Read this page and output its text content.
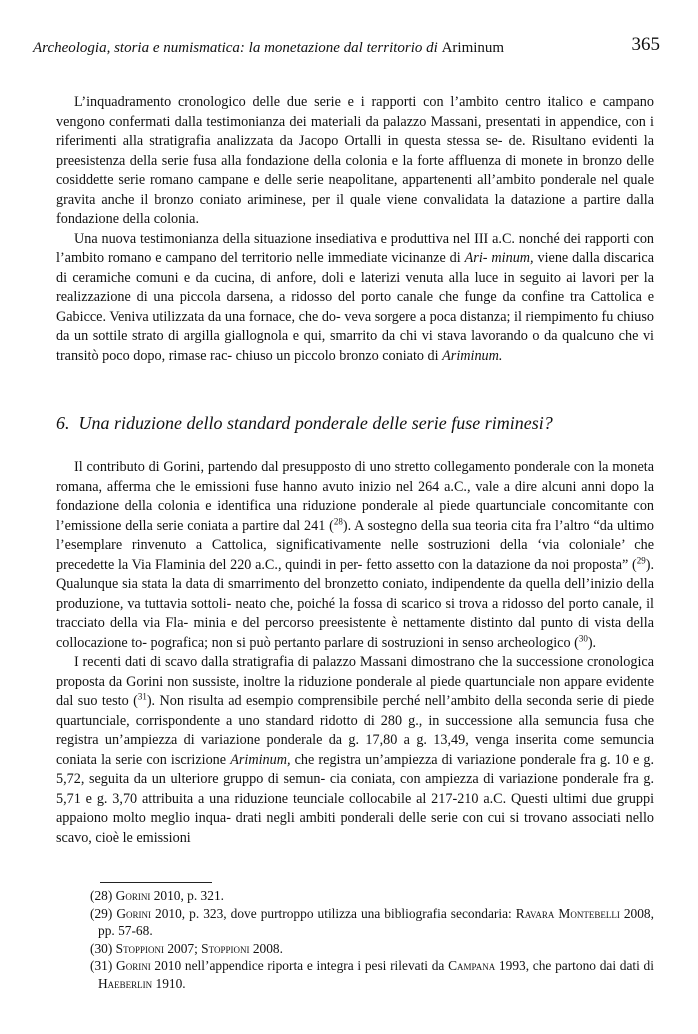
Archeologia, storia e numismatica: la monetazione dal territorio di Ariminum	365

L’inquadramento cronologico delle due serie e i rapporti con l’ambito centro italico e campano vengono confermati dalla testimonianza dei materiali da palazzo Massani, presentati in appendice, con i riferimenti alla stratigrafia analizzata da Jacopo Ortalli in questa stessa se- de. Risultano evidenti la preesistenza della serie fusa alla fondazione della colonia e la forte affluenza di monete in bronzo delle cosiddette serie romano campane e delle serie neapolitane, appartenenti all’ambito ponderale nel quale gravita anche il bronzo coniato ariminese, per il quale viene convalidata la datazione a partire dalla fondazione della colonia.

Una nuova testimonianza della situazione insediativa e produttiva nel III a.C. nonché dei rapporti con l’ambito romano e campano del territorio nelle immediate vicinanze di Ari- minum, viene dalla discarica di ceramiche comuni e da cucina, di anfore, doli e laterizi venuta alla luce in seguito ai lavori per la realizzazione di una piccola darsena, a ridosso del porto canale che funge da confine tra Cattolica e Gabicce. Veniva utilizzata da una fornace, che do- veva sorgere a poca distanza; il riempimento fu chiuso da un sottile strato di argilla giallognola e qui, smarrito da chi vi stava lavorando o da qualcuno che vi transitò poco dopo, rimase rac- chiuso un piccolo bronzo coniato di Ariminum.

6. Una riduzione dello standard ponderale delle serie fuse riminesi?

Il contributo di Gorini, partendo dal presupposto di uno stretto collegamento ponderale con la moneta romana, afferma che le emissioni fuse hanno avuto inizio nel 264 a.C., vale a dire alcuni anni dopo la fondazione della colonia e identifica una riduzione ponderale al piede quartunciale concomitante con l’emissione della serie coniata a partire dal 241 ($^{28}$). A sostegno della sua teoria cita fra l’altro “da ultimo l’esemplare rinvenuto a Cattolica, significativamente nelle sostruzioni della ‘via coloniale’ che precedette la Via Flaminia del 220 a.C., quindi in per- fetto assetto con la datazione da noi proposta” ($^{29}$). Qualunque sia stata la data di smarrimento del bronzetto coniato, indipendente da quella dell’inizio della produzione, va tuttavia sottoli- neato che, poiché la fossa di scarico si trova a ridosso del porto canale, il tracciato della via Fla- minia e del percorso preesistente è nettamente distinto dal punto di vista della collocazione to- pografica; non si può pertanto parlare di sostruzioni in senso archeologico ($^{30}$).

I recenti dati di scavo dalla stratigrafia di palazzo Massani dimostrano che la successione cronologica proposta da Gorini non sussiste, inoltre la riduzione ponderale al piede quartunciale non appare evidente dal suo testo ($^{31}$). Non risulta ad esempio comprensibile perché nell’ambito della seconda serie di piede quartunciale, corrispondente a uno standard ridotto di 280 g., in successione alla semuncia fusa che registra un’ampiezza di variazione ponderale da g. 17,80 a g. 13,49, venga inserita come semuncia coniata la serie con iscrizione Ariminum, che registra un’ampiezza di variazione ponderale fra g. 10 e g. 5,72, seguita da un ulteriore gruppo di semun- cia coniata, con ampiezza di variazione ponderale fra g. 5,71 e g. 3,70 attribuita a una riduzione teunciale collocabile al 217-210 a.C. Questi ultimi due gruppi appaiono molto meglio inqua- drati negli ambiti ponderali delle serie con cui si trovano associati nello scavo, cioè le emissioni

(28) Gorini 2010, p. 321.

(29) Gorini 2010, p. 323, dove purtroppo utilizza una bibliografia secondaria: Ravara Montebelli 2008, pp. 57-68.

(30) Stoppioni 2007; Stoppioni 2008.

(31) Gorini 2010 nell’appendice riporta e integra i pesi rilevati da Campana 1993, che partono dai dati di Haeberlin 1910.
